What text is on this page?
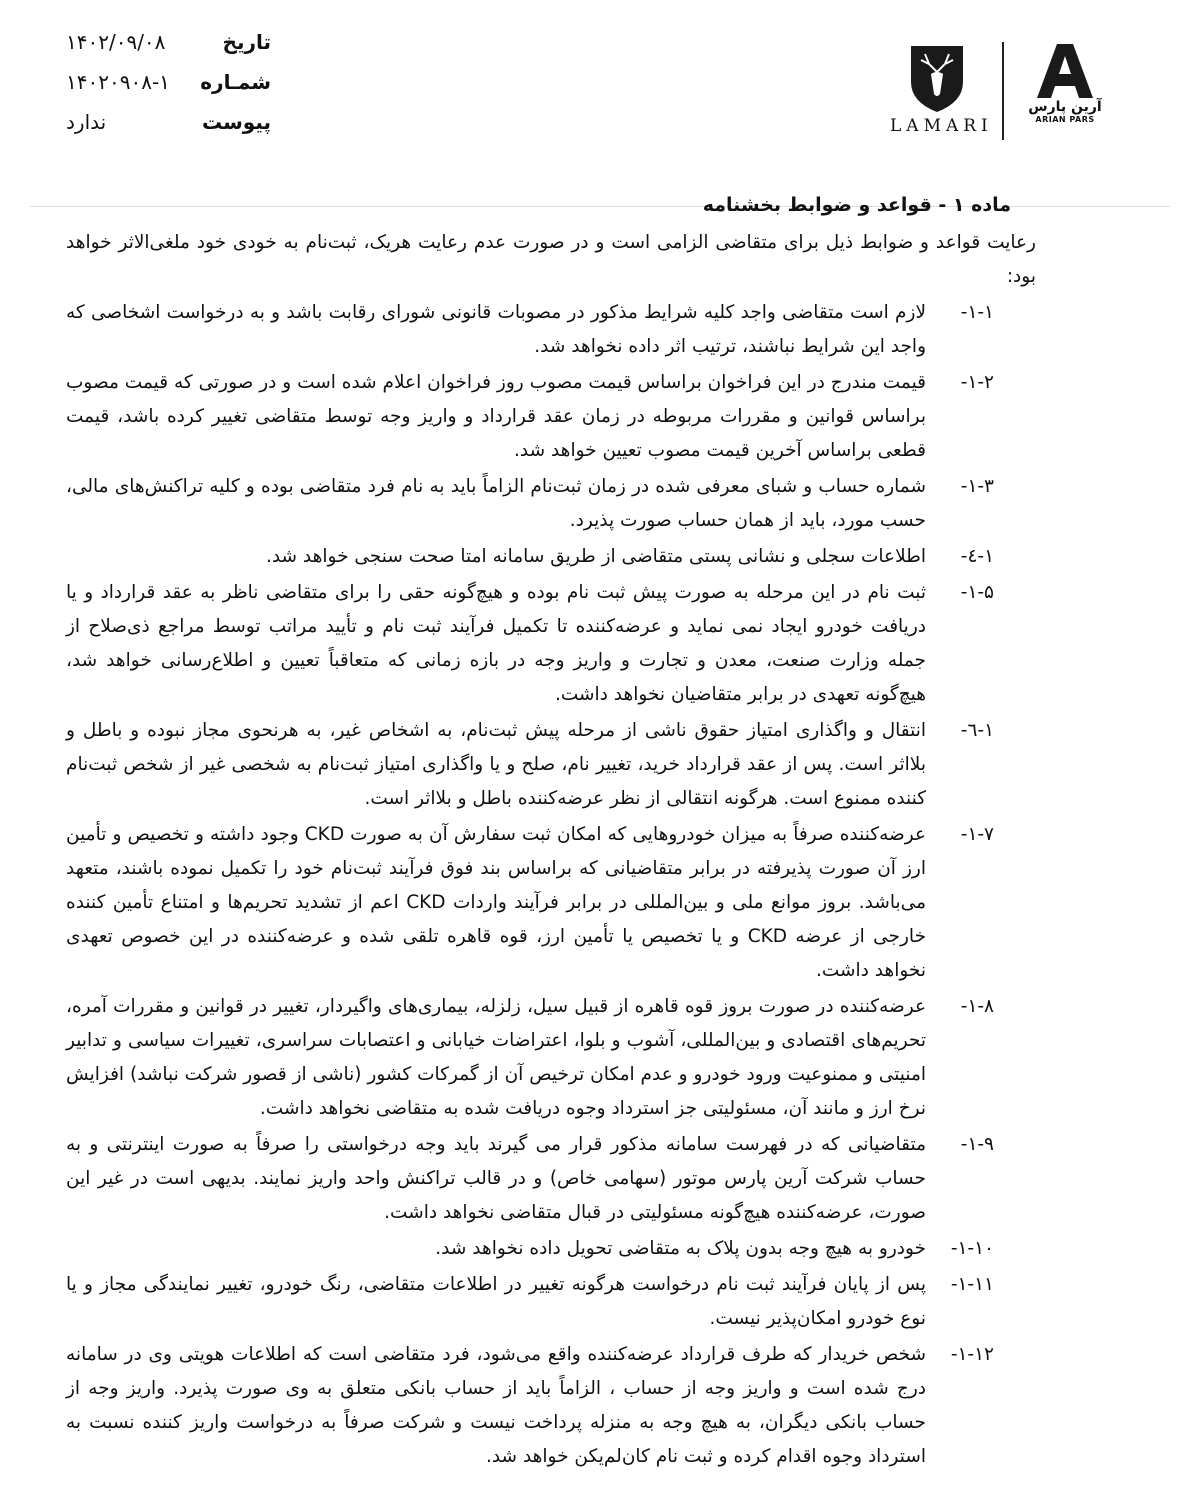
تاریخ
۱۴۰۲/۰۹/۰۸
شمـاره
۱۴۰۲۰۹۰۸-۱
پیوست
ندارد	LAMARI
آرین پارس
ARIAN PARS
ماده ۱ - قواعد و ضوابط بخشنامه
رعایت قواعد و ضوابط ذیل برای متقاضی الزامی است و در صورت عدم رعایت هریک، ثبت‌نام به خودی خود ملغی‌الاثر خواهد بود:
۱-۱-
لازم است متقاضی واجد کلیه شرایط مذکور در مصوبات قانونی شورای رقابت باشد و به درخواست اشخاصی که واجد این شرایط نباشند، ترتیب اثر داده نخواهد شد.
۱-۲-
قیمت مندرج در این فراخوان براساس قیمت مصوب روز فراخوان اعلام شده است و در صورتی که قیمت مصوب براساس قوانین و مقررات مربوطه در زمان عقد قرارداد و واریز وجه توسط متقاضی تغییر کرده باشد، قیمت قطعی براساس آخرین قیمت مصوب تعیین خواهد شد.
۱-۳-
شماره حساب و شبای معرفی شده در زمان ثبت‌نام الزاماً باید به نام فرد متقاضی بوده و کلیه تراکنش‌های مالی، حسب مورد، باید از همان حساب صورت پذیرد.
۱-٤-
اطلاعات سجلی و نشانی پستی متقاضی از طریق سامانه امتا صحت سنجی خواهد شد.
۱-۵-
ثبت نام در این مرحله به صورت پیش ثبت نام بوده و هیچ‌گونه حقی را برای متقاضی ناظر به عقد قرارداد و یا دریافت خودرو ایجاد نمی نماید و عرضه‌کننده تا تکمیل فرآیند ثبت نام و تأیید مراتب توسط مراجع ذی‌صلاح از جمله وزارت صنعت، معدن و تجارت و واریز وجه در بازه زمانی که متعاقباً تعیین و اطلاع‌رسانی خواهد شد، هیچ‌گونه تعهدی در برابر متقاضیان نخواهد داشت.
۱-٦-
انتقال و واگذاری امتیاز حقوق ناشی از مرحله پیش ثبت‌نام، به اشخاص غیر، به هرنحوی مجاز نبوده و باطل و بلااثر است. پس از عقد قرارداد خرید، تغییر نام، صلح و یا واگذاری امتیاز ثبت‌نام به شخصی غیر از شخص ثبت‌نام کننده ممنوع است. هرگونه انتقالی از نظر عرضه‌کننده باطل و بلااثر است.
۱-۷-
عرضه‌کننده صرفاً به میزان خودروهایی که امکان ثبت سفارش آن به صورت CKD وجود داشته و تخصیص و تأمین ارز آن صورت پذیرفته در برابر متقاضیانی که براساس بند فوق فرآیند ثبت‌نام خود را تکمیل نموده باشند، متعهد می‌باشد. بروز موانع ملی و بین‌المللی در برابر فرآیند واردات CKD اعم از تشدید تحریم‌ها و امتناع تأمین کننده خارجی از عرضه CKD و یا تخصیص یا تأمین ارز، قوه قاهره تلقی شده و عرضه‌کننده در این خصوص تعهدی نخواهد داشت.
۱-۸-
عرضه‌کننده در صورت بروز قوه قاهره از قبیل سیل، زلزله، بیماری‌های واگیردار، تغییر در قوانین و مقررات آمره، تحریم‌های اقتصادی و بین‌المللی، آشوب و بلوا، اعتراضات خیابانی و اعتصابات سراسری، تغییرات سیاسی و تدابیر امنیتی و ممنوعیت ورود خودرو و عدم امکان ترخیص آن از گمرکات کشور (ناشی از قصور شرکت نباشد) افزایش نرخ ارز و مانند آن، مسئولیتی جز استرداد وجوه دریافت شده به متقاضی نخواهد داشت.
۱-۹-
متقاضیانی که در فهرست سامانه مذکور قرار می گیرند باید وجه درخواستی را صرفاً به صورت اینترنتی و به حساب شرکت آرین پارس موتور (سهامی خاص) و در قالب تراکنش واحد واریز نمایند. بدیهی است در غیر این صورت، عرضه‌کننده هیچ‌گونه مسئولیتی در قبال متقاضی نخواهد داشت.
۱-۱۰-
خودرو به هیچ وجه بدون پلاک به متقاضی تحویل داده نخواهد شد.
۱-۱۱-
پس از پایان فرآیند ثبت نام درخواست هرگونه تغییر در اطلاعات متقاضی، رنگ خودرو، تغییر نمایندگی مجاز و یا نوع خودرو امکان‌پذیر نیست.
۱-۱۲-
شخص خریدار که طرف قرارداد عرضه‌کننده واقع می‌شود، فرد متقاضی است که اطلاعات هویتی وی در سامانه درج شده است و واریز وجه از حساب ، الزاماً باید از حساب بانکی متعلق به وی صورت پذیرد. واریز وجه از حساب بانکی دیگران، به هیچ وجه به منزله پرداخت نیست و شرکت صرفاً به درخواست واریز کننده نسبت به استرداد وجوه اقدام کرده و ثبت نام کان‌لم‌یکن خواهد شد.
